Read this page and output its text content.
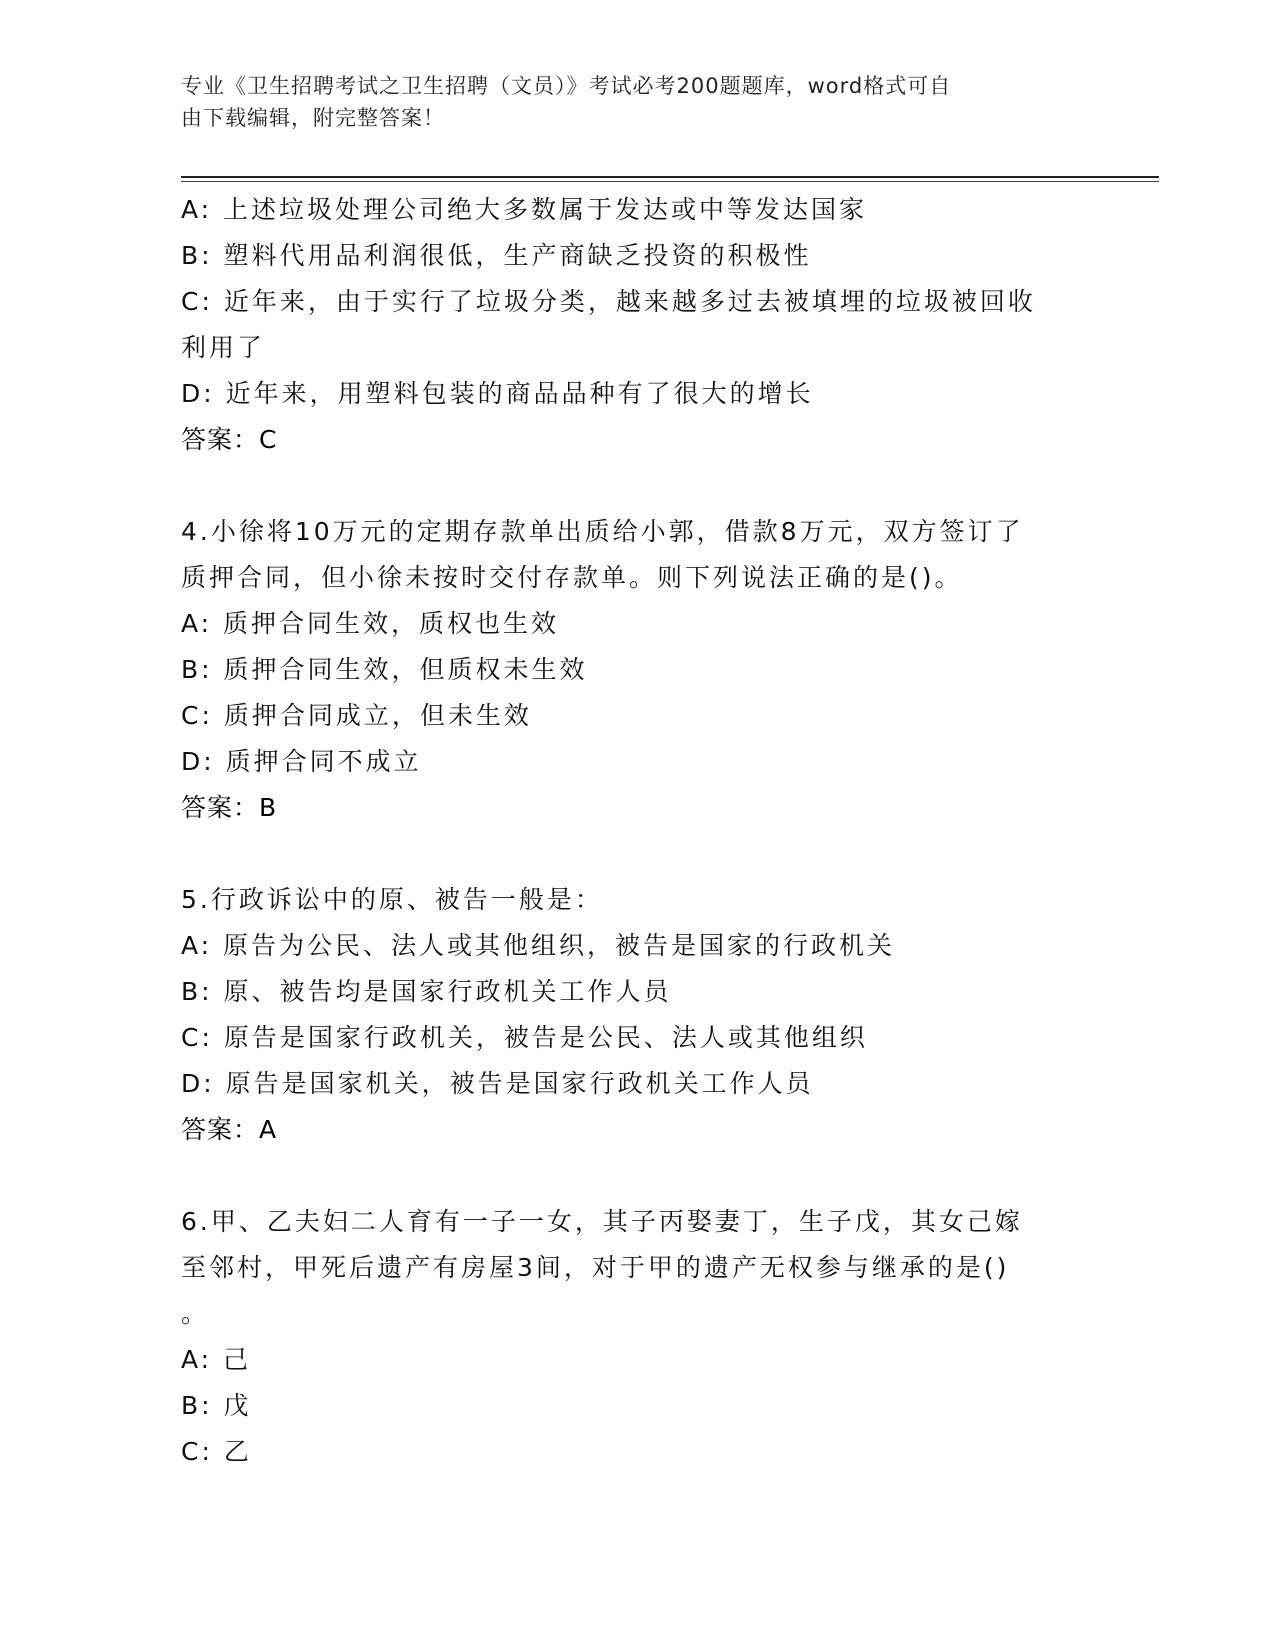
专业《卫生招聘考试之卫生招聘（文员）》考试必考200题题库，word格式可自
由下载编辑，附完整答案！

A: 上述垃圾处理公司绝大多数属于发达或中等发达国家

B: 塑料代用品利润很低，生产商缺乏投资的积极性

C: 近年来，由于实行了垃圾分类，越来越多过去被填埋的垃圾被回收

利用了

D: 近年来，用塑料包装的商品品种有了很大的增长

答案：C

4.小徐将10万元的定期存款单出质给小郭，借款8万元，双方签订了

质押合同，但小徐未按时交付存款单。则下列说法正确的是()。

A: 质押合同生效，质权也生效

B: 质押合同生效，但质权未生效

C: 质押合同成立，但未生效

D: 质押合同不成立

答案：B

5.行政诉讼中的原、被告一般是：

A: 原告为公民、法人或其他组织，被告是国家的行政机关

B: 原、被告均是国家行政机关工作人员

C: 原告是国家行政机关，被告是公民、法人或其他组织

D: 原告是国家机关，被告是国家行政机关工作人员

答案：A

6.甲、乙夫妇二人育有一子一女，其子丙娶妻丁，生子戊，其女己嫁

至邻村，甲死后遗产有房屋3间，对于甲的遗产无权参与继承的是()

。

A: 己

B: 戊

C: 乙
